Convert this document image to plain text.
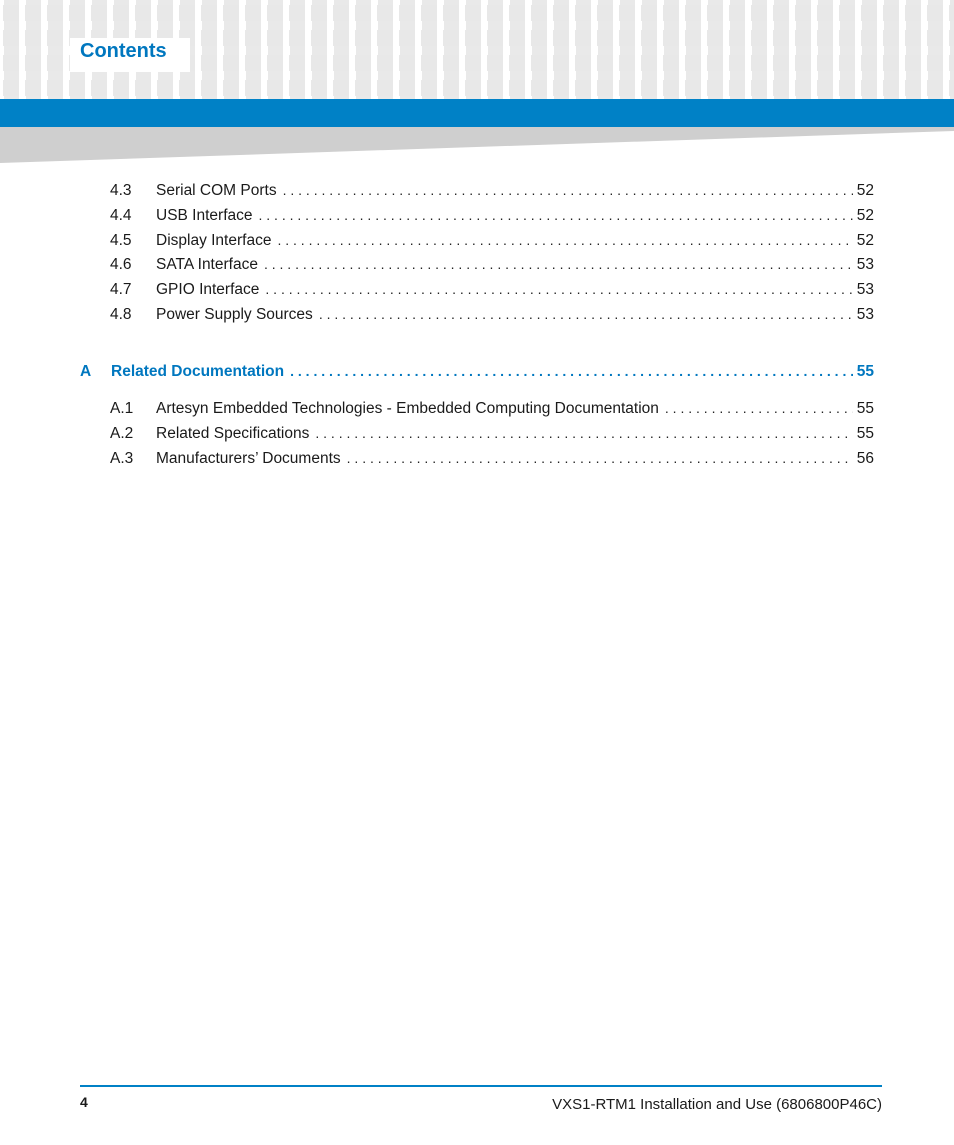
Contents
4.3	Serial COM Ports . . .	52
4.4	USB Interface . . .	52
4.5	Display Interface . . .	52
4.6	SATA Interface . . .	53
4.7	GPIO Interface . . .	53
4.8	Power Supply Sources . . .	53
A	Related Documentation . . .	55
A.1	Artesyn Embedded Technologies - Embedded Computing Documentation . . .	55
A.2	Related Specifications . . .	55
A.3	Manufacturers’ Documents . . .	56
4	VXS1-RTM1 Installation and Use (6806800P46C)
